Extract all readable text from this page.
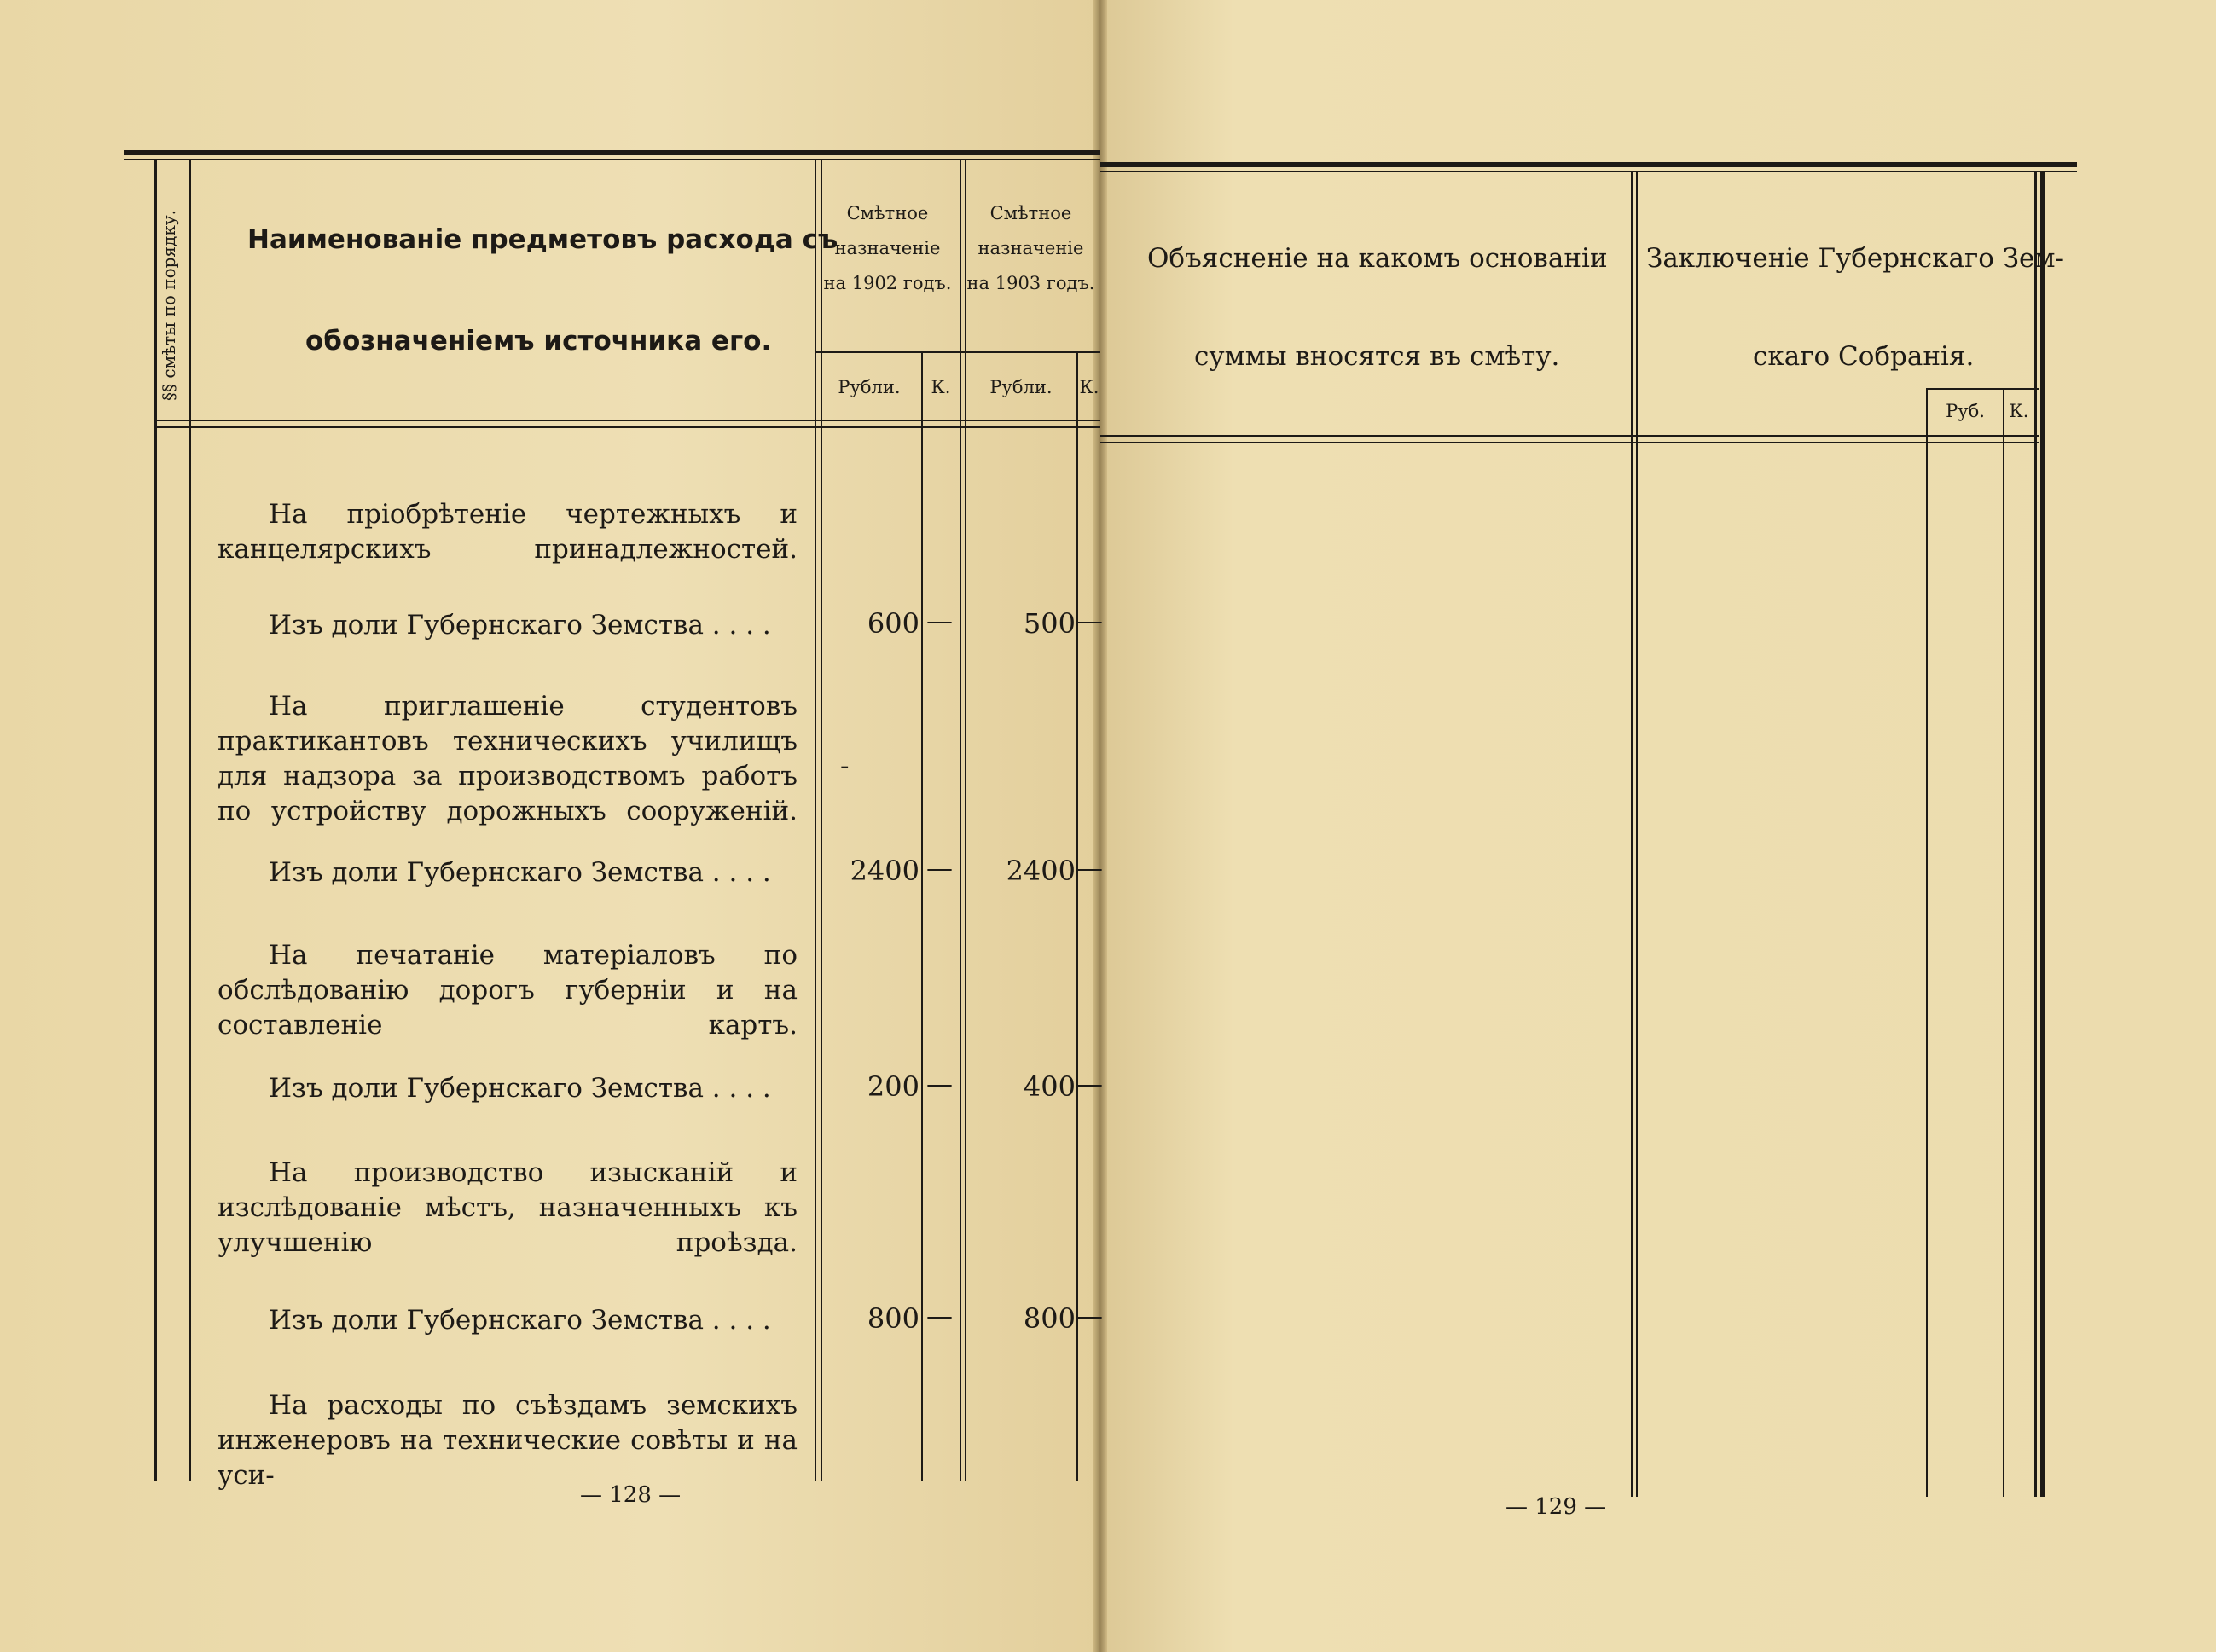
§§ смѣты по порядку.	Наименованіе предметовъ расхода съ
обозначеніемъ источника его.
Смѣтное
назначеніе
на 1902 годъ.
Смѣтное
назначеніе
на 1903 годъ.
Рубли.	К.	Рубли.	К.
На пріобрѣтеніе чертежныхъ и канцелярскихъ принадлежностей.
Изъ доли Губернскаго Земства . . . .	600 —	500 —
На приглашеніе студентовъ практикантовъ техническихъ училищъ для надзора за производствомъ работъ по устройству дорожныхъ сооруженій.
-
Изъ доли Губернскаго Земства . . . .	2400 —	2400 —
На печатаніе матеріаловъ по обслѣдованію дорогъ губерніи и на составленіе картъ.
Изъ доли Губернскаго Земства . . . .	200 —	400 —
На производство изысканій и изслѣдованіе мѣстъ, назначенныхъ къ улучшенію проѣзда.
Изъ доли Губернскаго Земства . . . .	800 —	800 —
На расходы по съѣздамъ земскихъ инженеровъ на технические совѣты и на уси-
— 128 —
Объясненіе на какомъ основаніи
суммы вносятся въ смѣту.
Заключеніе Губернскаго Зем-
скаго Собранія.
Руб.	К.
— 129 —
